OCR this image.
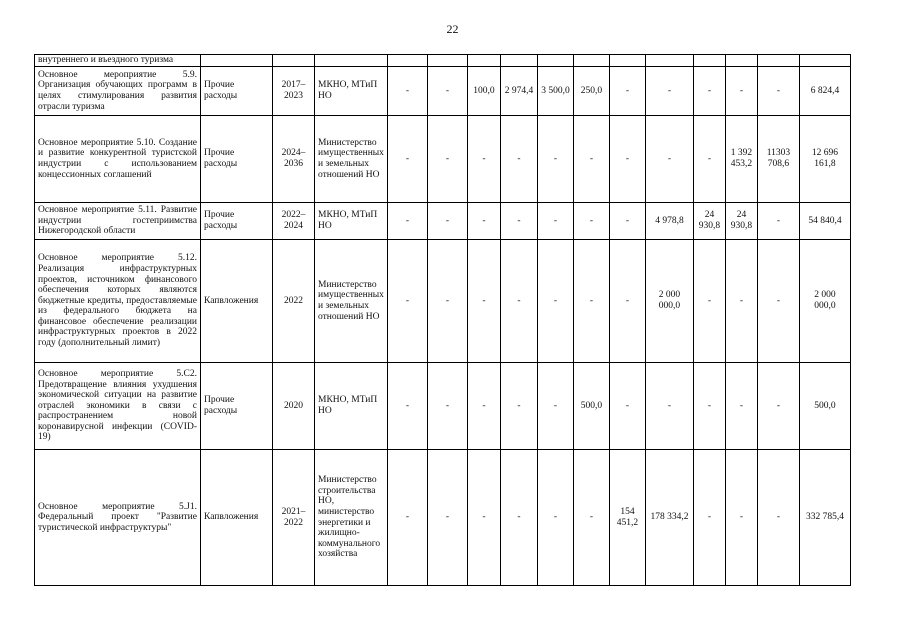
22
внутреннего и въездного туризма															
Основное мероприятие 5.9. Организация обучающих программ в целях стимулирования развития отрасли туризма	Прочие расходы	2017–2023	МКНО, МТиП НО	-	-	100,0	2 974,4	3 500,0	250,0	-	-	-	-	-	6 824,4
Основное мероприятие 5.10. Создание и развитие конкурентной туристской индустрии с использованием концессионных соглашений	Прочие расходы	2024–2036	Министерство имущественных и земельных отношений НО	-	-	-	-	-	-	-	-	-	1 392 453,2	11303 708,6	12 696 161,8
Основное мероприятие 5.11. Развитие индустрии гостеприимства Нижегородской области	Прочие расходы	2022–2024	МКНО, МТиП НО	-	-	-	-	-	-	-	4 978,8	24 930,8	24 930,8	-	54 840,4
Основное мероприятие 5.12. Реализация инфраструктурных проектов, источником финансового обеспечения которых являются бюджетные кредиты, предоставляемые из федерального бюджета на финансовое обеспечение реализации инфраструктурных проектов в 2022 году (дополнительный лимит)	Капвложения	2022	Министерство имущественных и земельных отношений НО	-	-	-	-	-	-	-	2 000 000,0	-	-	-	2 000 000,0
Основное мероприятие 5.С2. Предотвращение влияния ухудшения экономической ситуации на развитие отраслей экономики в связи с распространением новой коронавирусной инфекции (COVID-19)	Прочие расходы	2020	МКНО, МТиП НО	-	-	-	-	-	500,0	-	-	-	-	-	500,0
Основное мероприятие 5.J1. Федеральный проект "Развитие туристической инфраструктуры"	Капвложения	2021–2022	Министерство строительства НО, министерство энергетики и жилищно-коммунального хозяйства	-	-	-	-	-	-	154 451,2	178 334,2	-	-	-	332 785,4
